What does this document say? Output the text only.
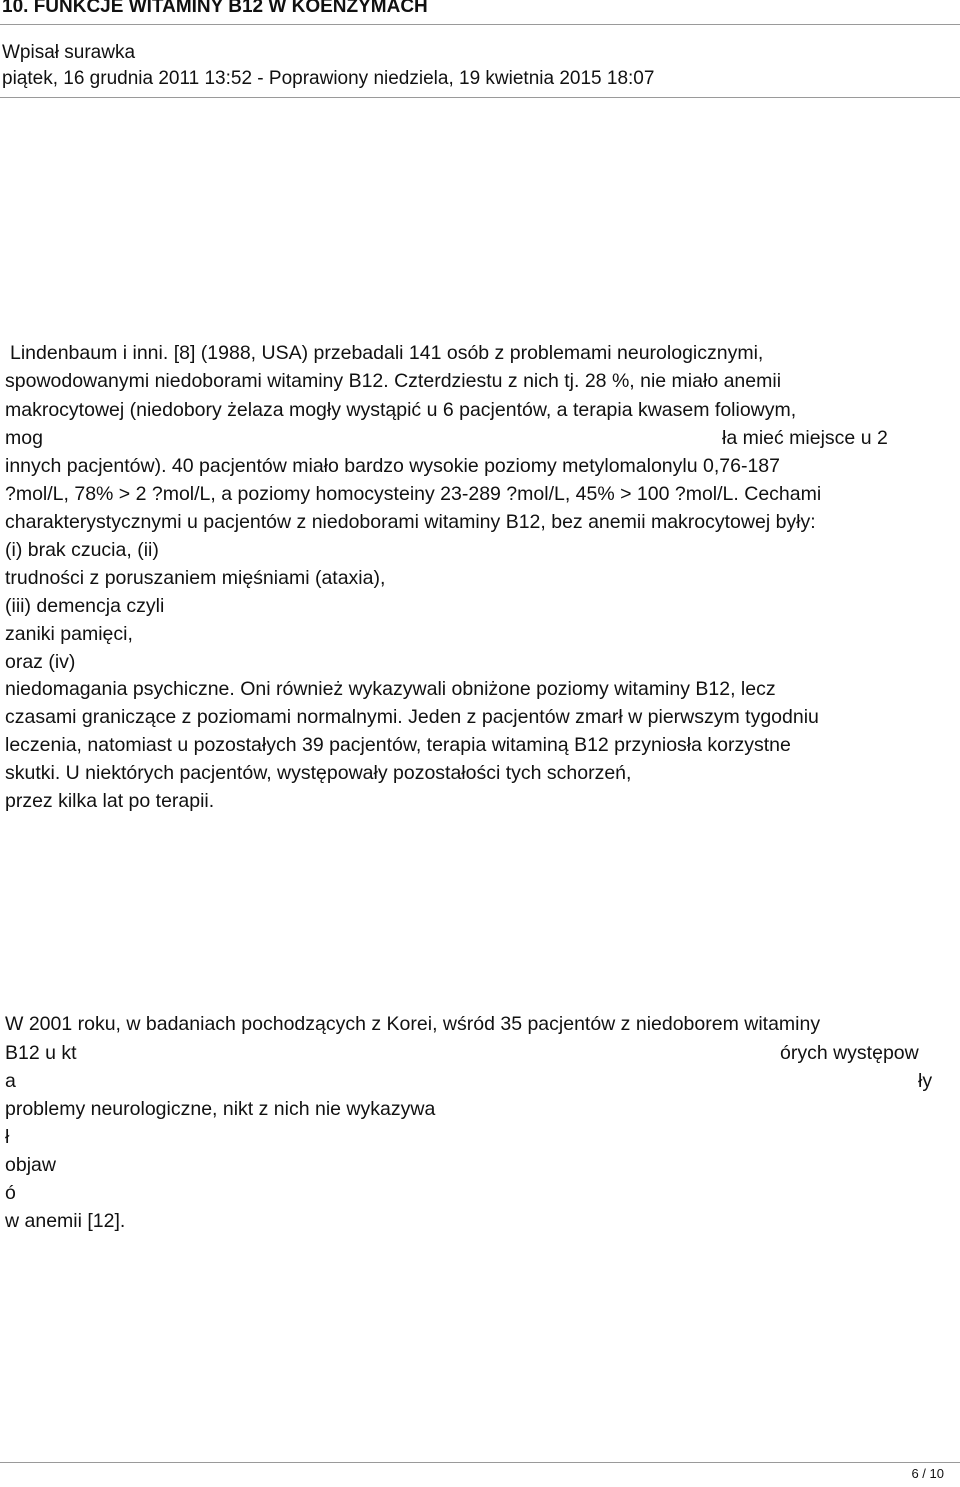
10. FUNKCJE WITAMINY B12 W KOENZYMACH
Wpisał surawka
piątek, 16 grudnia 2011 13:52 - Poprawiony niedziela, 19 kwietnia 2015 18:07
Lindenbaum i inni. [8] (1988, USA) przebadali 141 osób z problemami neurologicznymi,
spowodowanymi niedoborami witaminy B12. Czterdziestu z nich tj. 28 %, nie miało anemii
makrocytowej (niedobory żelaza mogły wystąpić u 6 pacjentów, a terapia kwasem foliowym,
mog	ła mieć miejsce u 2
innych pacjentów). 40 pacjentów miało bardzo wysokie poziomy metylomalonylu 0,76-187
?mol/L, 78% > 2 ?mol/L, a poziomy homocysteiny 23-289 ?mol/L, 45% > 100 ?mol/L. Cechami
charakterystycznymi u pacjentów z niedoborami witaminy B12, bez anemii makrocytowej były:
(i) brak czucia, (ii)
trudności z poruszaniem mięśniami (ataxia),
(iii) demencja czyli
zaniki pamięci,
oraz (iv)
niedomagania psychiczne. Oni również wykazywali obniżone poziomy witaminy B12, lecz
czasami graniczące z poziomami normalnymi. Jeden z pacjentów zmarł w pierwszym tygodniu
leczenia, natomiast u pozostałych 39 pacjentów, terapia witaminą B12 przyniosła korzystne
skutki. U niektórych pacjentów, występowały pozostałości tych schorzeń,
przez kilka lat po terapii.
W 2001 roku, w badaniach pochodzących z Korei, wśród 35 pacjentów z niedoborem witaminy
B12 u kt	órych występow
a	ły
problemy neurologiczne, nikt z nich nie wykazywa
ł
objaw
ó
w anemii [12].
6 / 10
